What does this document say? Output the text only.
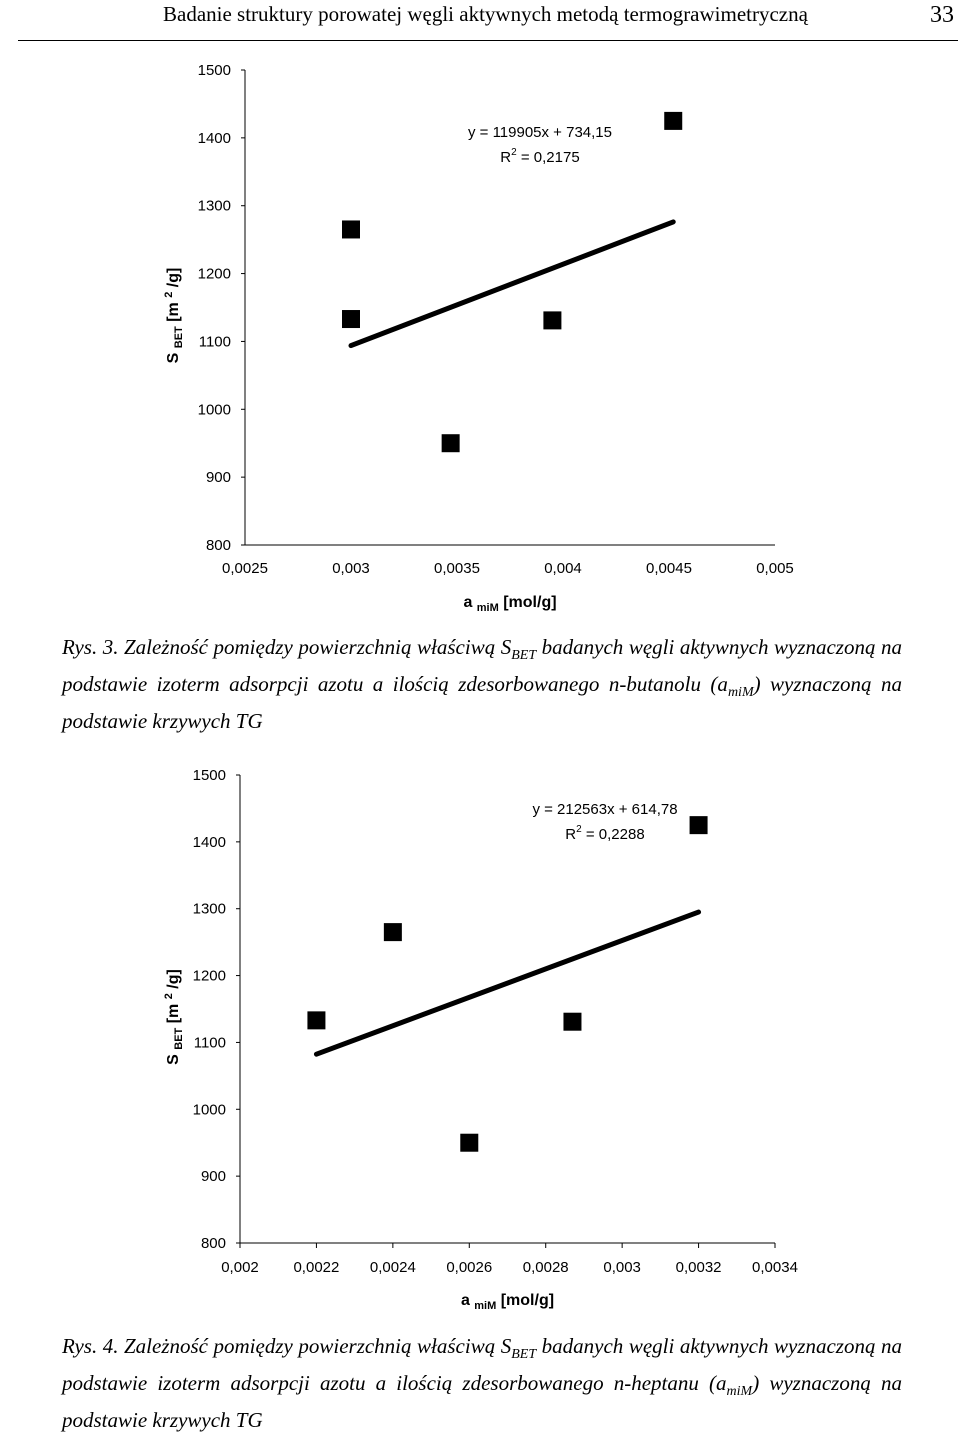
Badanie struktury porowatej węgli aktywnych metodą termograwimetryczną	33
800
900
1000
1100
1200
1300
1400
1500
0,0025	0,003	0,0035	0,004	0,0045	0,005
y = 119905x + 734,15
$R^2 = 0,2175$
a $_{miM}$ [mol/g]
S $_{BET}$ [m $^2$ /g]
Rys. 3. Zależność pomiędzy powierzchnią właściwą $S_{BET}$ badanych węgli aktywnych wyznaczoną na podstawie izoterm adsorpcji azotu a ilością zdesorbowanego n-butanolu $(a_{miM})$ wyznaczoną na podstawie krzywych TG
800
900
1000
1100
1200
1300
1400
1500
0,002 0,0022 0,0024 0,0026 0,0028 0,003 0,0032 0,0034
y = 212563x + 614,78
$R^2 = 0,2288$
a $_{miM}$ [mol/g]
S $_{BET}$ [m $^2$ /g]
Rys. 4. Zależność pomiędzy powierzchnią właściwą $S_{BET}$ badanych węgli aktywnych wyznaczoną na podstawie izoterm adsorpcji azotu a ilością zdesorbowanego n-heptanu $(a_{miM})$ wyznaczoną na podstawie krzywych TG
